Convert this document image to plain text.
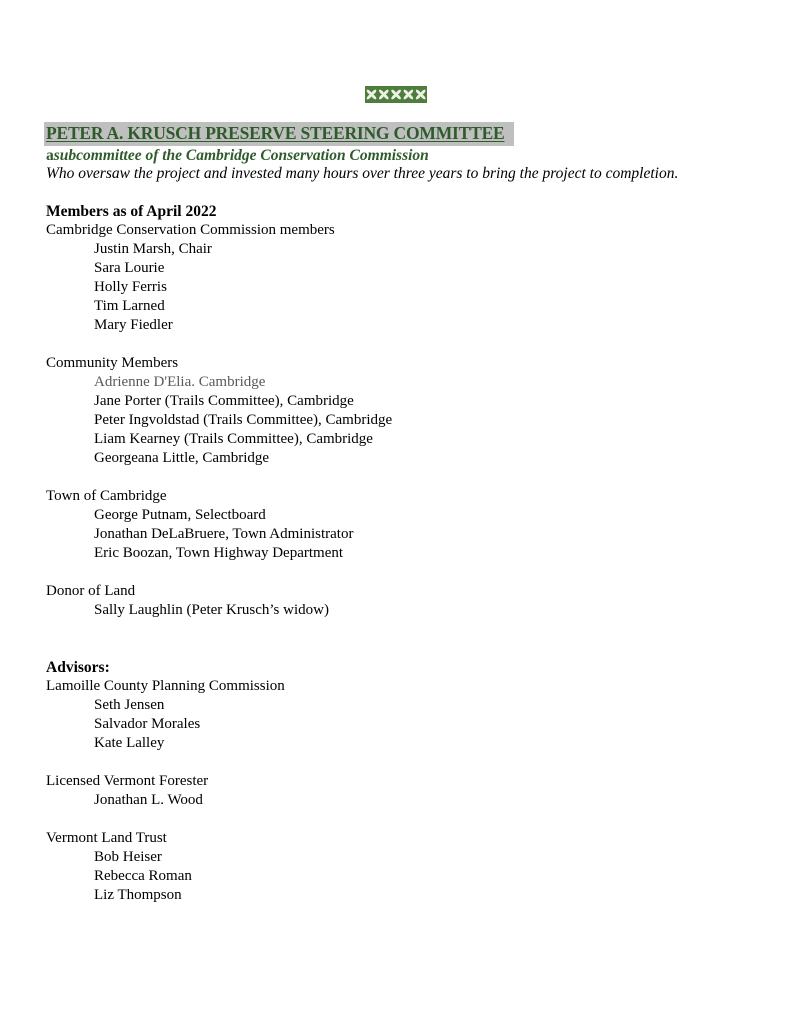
PETER A. KRUSCH PRESERVE STEERING COMMITTEE
asubcommittee of the Cambridge Conservation Commission
Who oversaw the project and invested many hours over three years to bring the project to completion.
Members as of April 2022
Cambridge Conservation Commission members
Justin Marsh, Chair
Sara Lourie
Holly Ferris
Tim Larned
Mary Fiedler
Community Members
Adrienne D'Elia. Cambridge
Jane Porter (Trails Committee), Cambridge
Peter Ingvoldstad (Trails Committee), Cambridge
Liam Kearney (Trails Committee), Cambridge
Georgeana Little, Cambridge
Town of Cambridge
George Putnam, Selectboard
Jonathan DeLaBruere, Town Administrator
Eric Boozan, Town Highway Department
Donor of Land
Sally Laughlin (Peter Krusch’s widow)
Advisors:
Lamoille County Planning Commission
Seth Jensen
Salvador Morales
Kate Lalley
Licensed Vermont Forester
Jonathan L. Wood
Vermont Land Trust
Bob Heiser
Rebecca Roman
Liz Thompson
